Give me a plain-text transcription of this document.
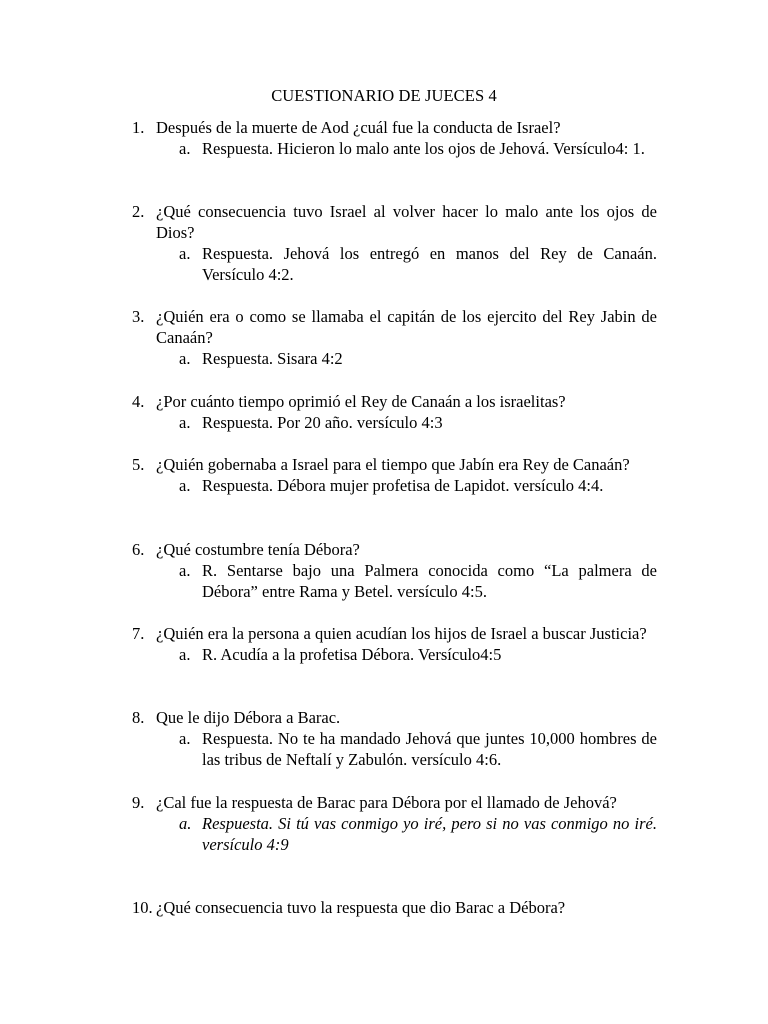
CUESTIONARIO DE JUECES 4
1. Después de la muerte de Aod ¿cuál fue la conducta de Israel?
a. Respuesta. Hicieron lo malo ante los ojos de Jehová. Versículo4: 1.
2. ¿Qué consecuencia tuvo Israel al volver hacer lo malo ante los ojos de Dios?
a. Respuesta. Jehová los entregó en manos del Rey de Canaán. Versículo 4:2.
3. ¿Quién era o como se llamaba el capitán de los ejercito del Rey Jabin de Canaán?
a. Respuesta. Sisara 4:2
4. ¿Por cuánto tiempo oprimió el Rey de Canaán a los israelitas?
a. Respuesta. Por 20 año. versículo 4:3
5. ¿Quién gobernaba a Israel para el tiempo que Jabín era Rey de Canaán?
a. Respuesta. Débora mujer profetisa de Lapidot. versículo 4:4.
6. ¿Qué costumbre tenía Débora?
a. R. Sentarse bajo una Palmera conocida como “La palmera de Débora” entre Rama y Betel. versículo 4:5.
7. ¿Quién era la persona a quien acudían los hijos de Israel a buscar Justicia?
a. R. Acudía a la profetisa Débora. Versículo4:5
8. Que le dijo Débora a Barac.
a. Respuesta. No te ha mandado Jehová que juntes 10,000 hombres de las tribus de Neftalí y Zabulón. versículo 4:6.
9. ¿Cal fue la respuesta de Barac para Débora por el llamado de Jehová?
a. Respuesta. Si tú vas conmigo yo iré, pero si no vas conmigo no iré. versículo 4:9
10. ¿Qué consecuencia tuvo la respuesta que dio Barac a Débora?
